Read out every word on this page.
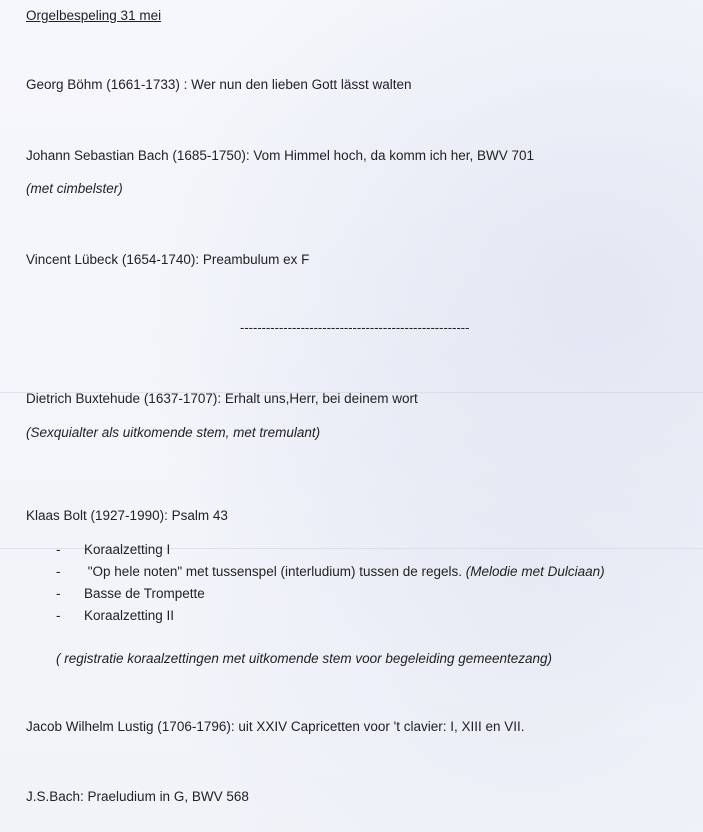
Orgelbespeling 31 mei
Georg Böhm (1661-1733) : Wer nun den lieben Gott lässt walten
Johann Sebastian Bach (1685-1750): Vom Himmel hoch, da komm ich her, BWV 701
(met cimbelster)
Vincent Lübeck (1654-1740): Preambulum ex F
-----------------------------------------------------
Dietrich Buxtehude (1637-1707): Erhalt uns,Herr, bei deinem wort
(Sexquialter als uitkomende stem, met tremulant)
Klaas Bolt (1927-1990): Psalm 43
- Koraalzetting I
- "Op hele noten" met tussenspel (interludium) tussen de regels. (Melodie met Dulciaan)
- Basse de Trompette
- Koraalzetting II
( registratie koraalzettingen met uitkomende stem voor begeleiding gemeentezang)
Jacob Wilhelm Lustig (1706-1796): uit XXIV Capricetten voor 't clavier: I, XIII en VII.
J.S.Bach: Praeludium in G, BWV 568
